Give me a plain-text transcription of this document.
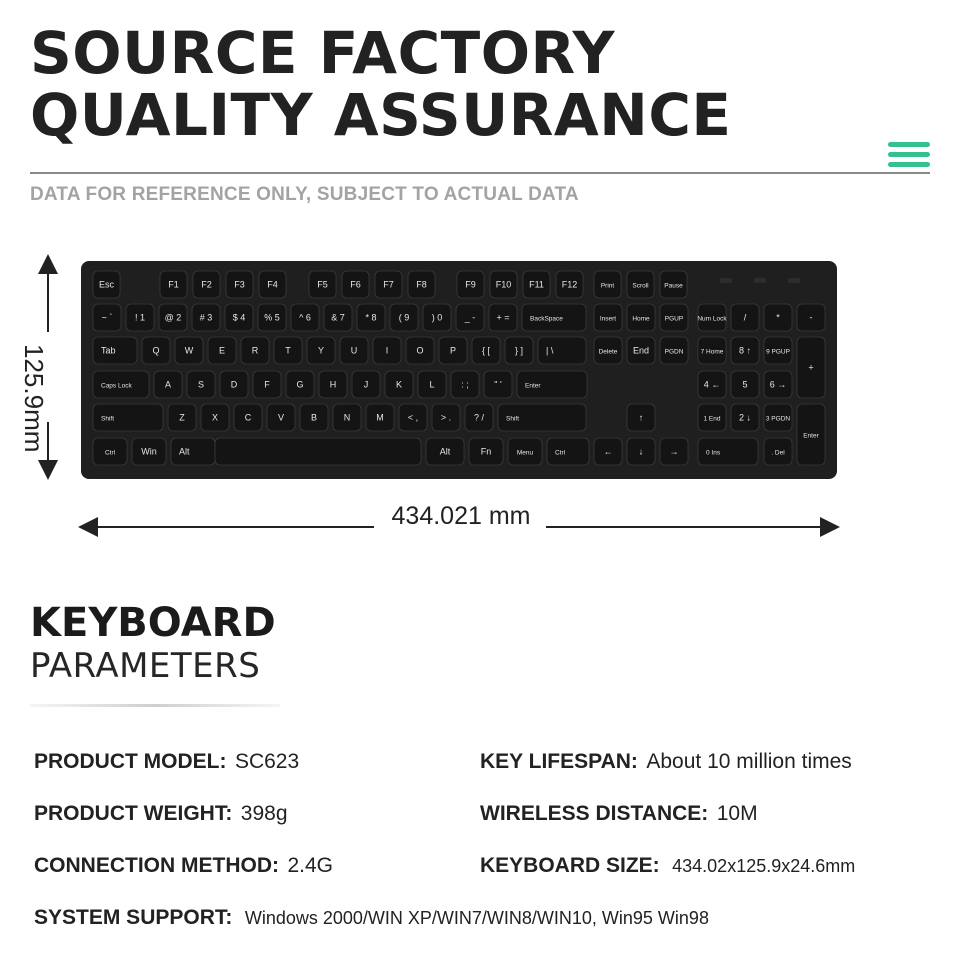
SOURCE FACTORY
QUALITY ASSURANCE
DATA FOR REFERENCE ONLY, SUBJECT TO ACTUAL DATA
Esc	F1 F2 F3 F4	F5 F6 F7 F8	F9 F10 F11 F12	Print	Scroll Pause
~ `	! 1 @ 2 # 3 $ 4 % 5 ^ 6 & 7 * 8 ( 9 ) 0 _ - + =	BackSpace	Insert Home PGUP Num Lock /	*	-
Tab	Q	W	E	R	T	Y	U	I	O	P	{ [	} ]	| \	Delete End PGDN	7 Home 8 ↑ 9 PGUP
+
Caps Lock	A	S	D	F	G	H	J	K	L	: ;	" '	Enter	4 ← 5 6 →
Shift	Z	X	C	V	B	N	M	< ,	> .	? /	Shift	↑	1 End 2 ↓ 3 PGDN
Enter
Ctrl	Win Alt	Alt	Fn	Menu	Ctrl	←	↓	→	0 Ins	. Del
125.9mm
434.021 mm
KEYBOARD
PARAMETERS
PRODUCT MODEL: SC623	KEY LIFESPAN: About 10 million times
PRODUCT WEIGHT: 398g	WIRELESS DISTANCE: 10M
CONNECTION METHOD: 2.4G	KEYBOARD SIZE: 434.02x125.9x24.6mm
SYSTEM SUPPORT: Windows 2000/WIN XP/WIN7/WIN8/WIN10, Win95 Win98
